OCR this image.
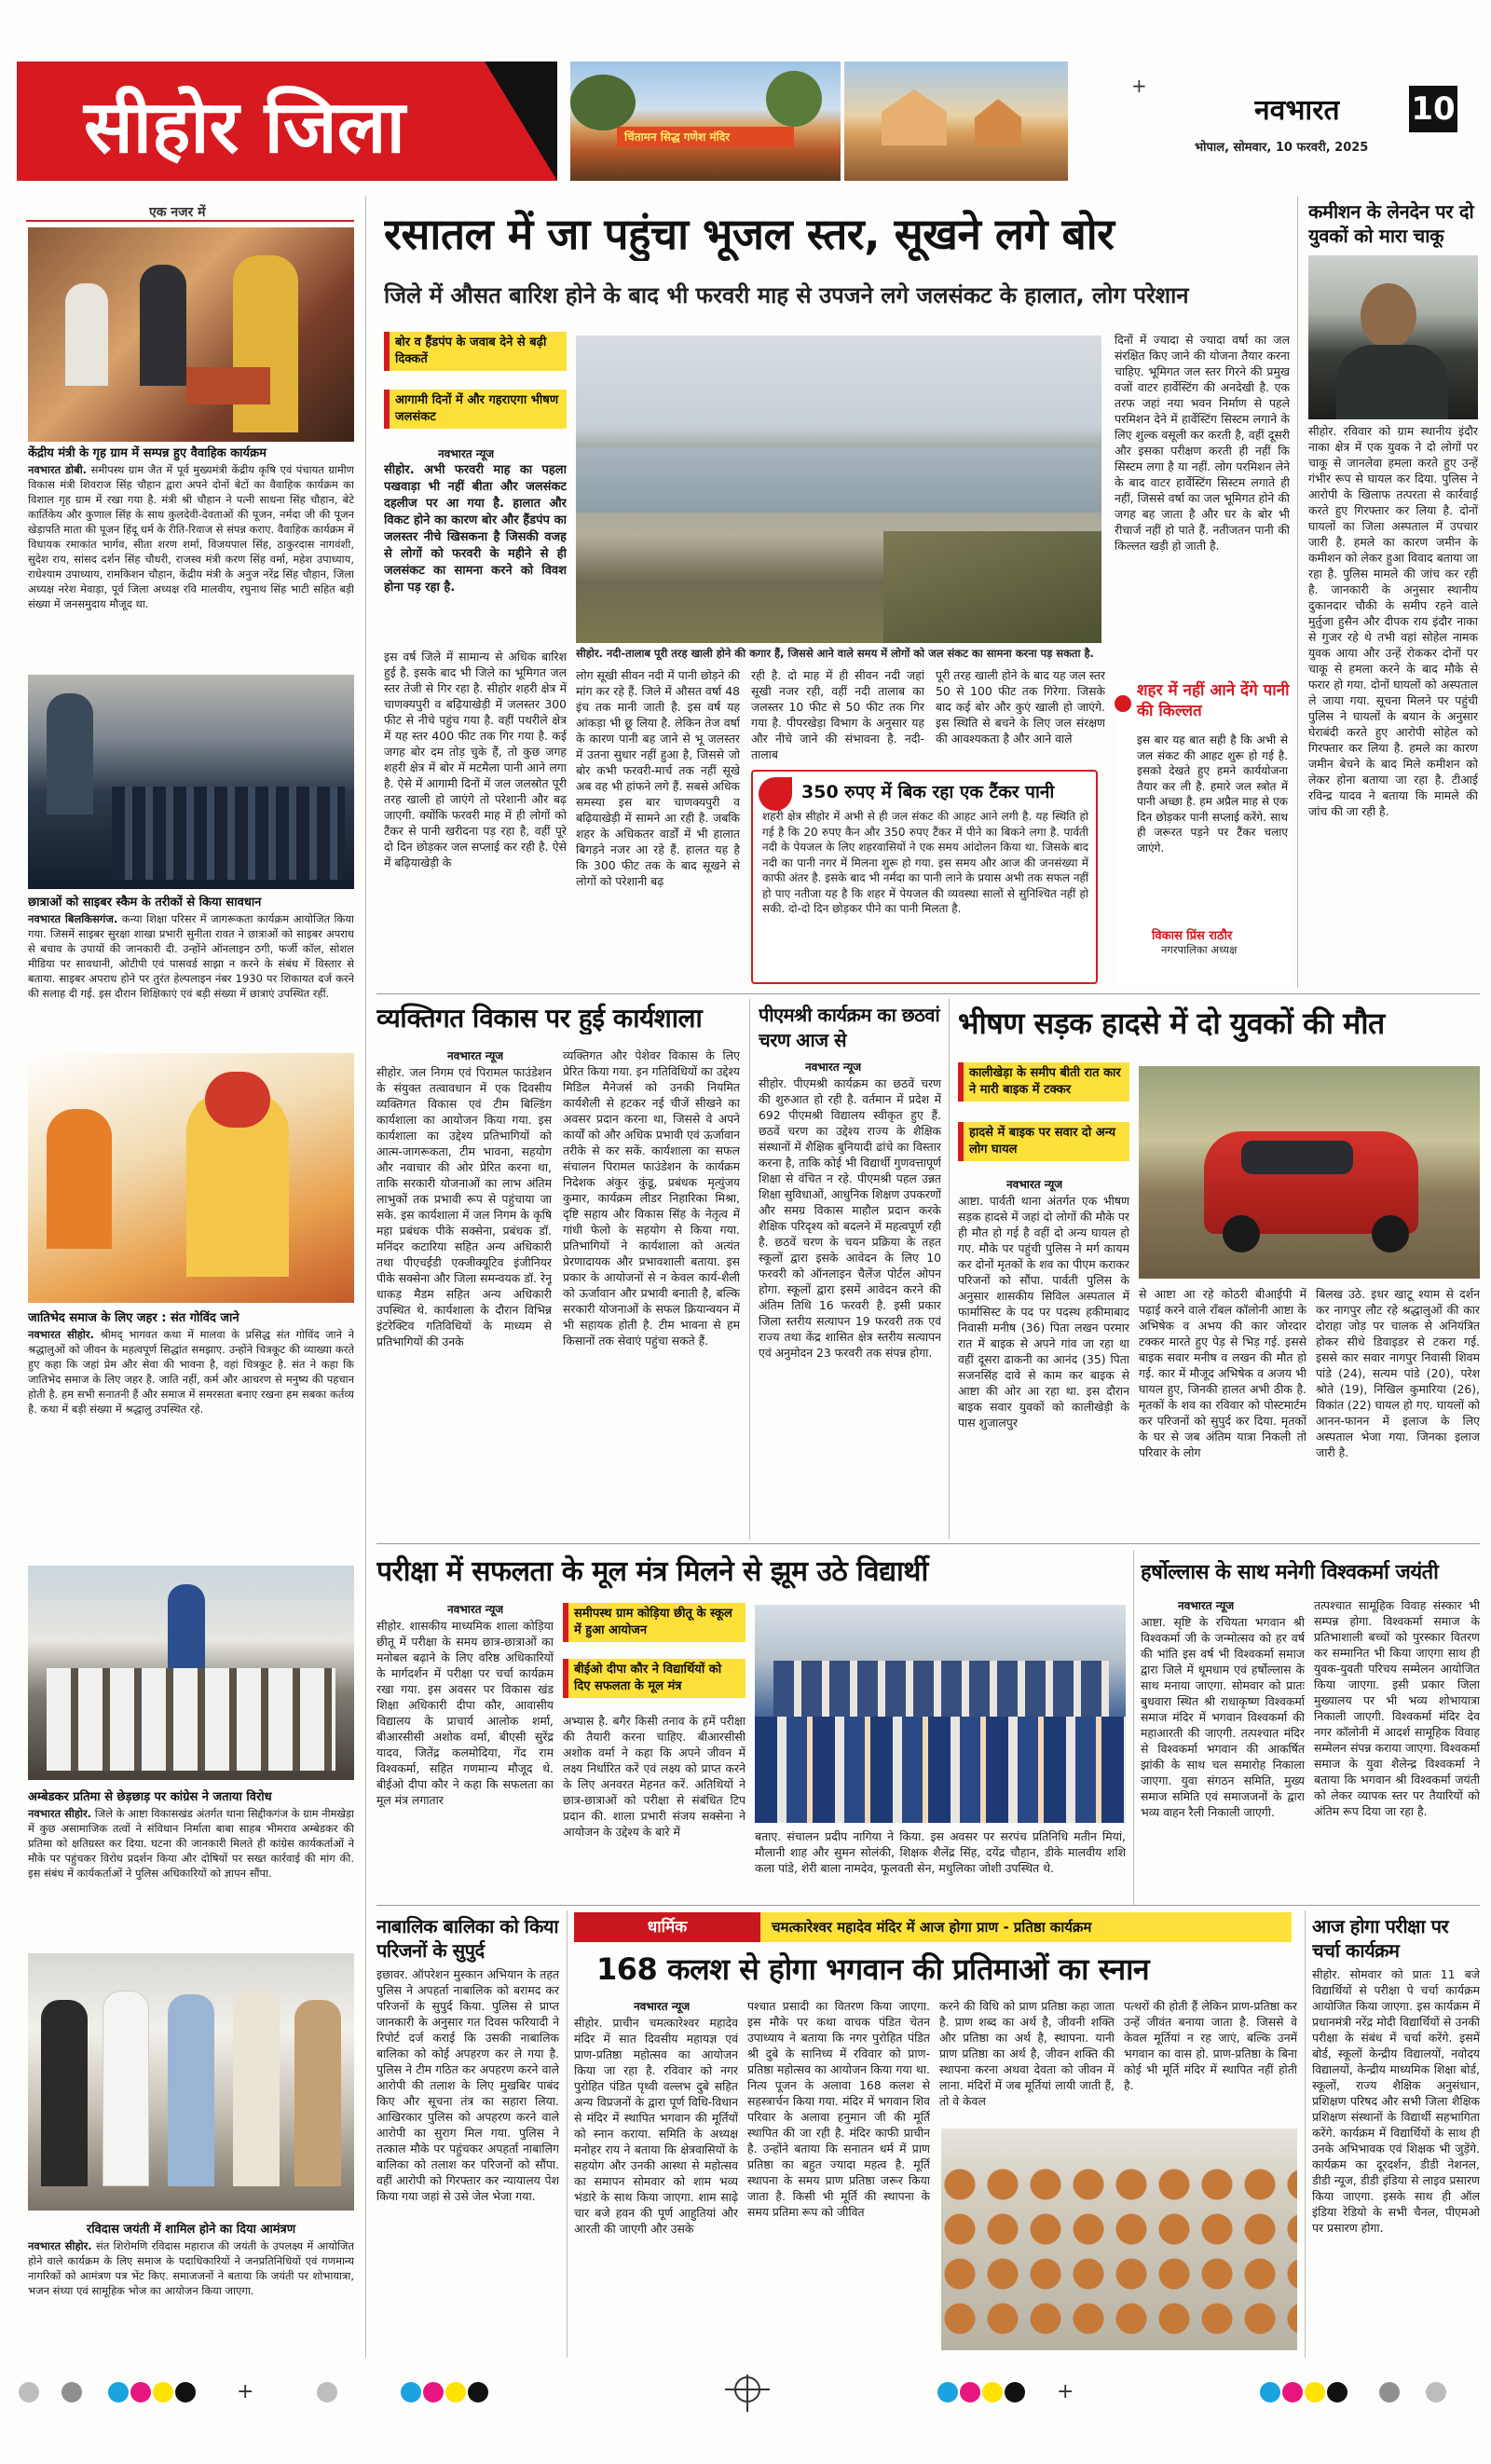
सीहोर जिला	चिंतामन सिद्ध गणेश मंदिर
+
नवभारत 10
भोपाल, सोमवार, 10 फरवरी, 2025
एक नजर में
केंद्रीय मंत्री के गृह ग्राम में सम्पन्न हुए वैवाहिक कार्यक्रम
नवभारत डोबी. समीपस्थ ग्राम जैत में पूर्व मुख्यमंत्री केंद्रीय कृषि एवं पंचायत ग्रामीण विकास मंत्री शिवराज सिंह चौहान द्वारा अपने दोनों बेटों का वैवाहिक कार्यक्रम का विशाल गृह ग्राम में रखा गया है. मंत्री श्री चौहान ने पत्नी साधना सिंह चौहान, बेटे कार्तिकेय और कुणाल सिंह के साथ कुलदेवी-देवताओं की पूजन, नर्मदा जी की पूजन खेड़ापति माता की पूजन हिंदू धर्म के रीति-रिवाज से संपन्न कराए. वैवाहिक कार्यक्रम में विधायक रमाकांत भार्गव, सीता शरण शर्मा, विजयपाल सिंह, ठाकुरदास नागवंशी, सुदेश राय, सांसद दर्शन सिंह चौधरी, राजस्व मंत्री करण सिंह वर्मा, महेश उपाध्याय, राधेश्याम उपाध्याय, रामकिशन चौहान, केंद्रीय मंत्री के अनुज नरेंद्र सिंह चौहान, जिला अध्यक्ष नरेश मेवाड़ा, पूर्व जिला अध्यक्ष रवि मालवीय, रघुनाथ सिंह भाटी सहित बड़ी संख्या में जनसमुदाय मौजूद था.
छात्राओं को साइबर स्कैम के तरीकों से किया सावधान
नवभारत बिलकिसगंज. कन्या शिक्षा परिसर में जागरूकता कार्यक्रम आयोजित किया गया. जिसमें साइबर सुरक्षा शाखा प्रभारी सुनीता रावत ने छात्राओं को साइबर अपराध से बचाव के उपायों की जानकारी दी. उन्होंने ऑनलाइन ठगी, फर्जी कॉल, सोशल मीडिया पर सावधानी, ओटीपी एवं पासवर्ड साझा न करने के संबंध में विस्तार से बताया. साइबर अपराध होने पर तुरंत हेल्पलाइन नंबर 1930 पर शिकायत दर्ज करने की सलाह दी गई. इस दौरान शिक्षिकाएं एवं बड़ी संख्या में छात्राएं उपस्थित रहीं.
जातिभेद समाज के लिए जहर : संत गोविंद जाने
नवभारत सीहोर. श्रीमद् भागवत कथा में मालवा के प्रसिद्ध संत गोविंद जाने ने श्रद्धालुओं को जीवन के महत्वपूर्ण सिद्धांत समझाए. उन्होंने चित्रकूट की व्याख्या करते हुए कहा कि जहां प्रेम और सेवा की भावना है, वहां चित्रकूट है. संत ने कहा कि जातिभेद समाज के लिए जहर है. जाति नहीं, कर्म और आचरण से मनुष्य की पहचान होती है. हम सभी सनातनी हैं और समाज में समरसता बनाए रखना हम सबका कर्तव्य है. कथा में बड़ी संख्या में श्रद्धालु उपस्थित रहे.
अम्बेडकर प्रतिमा से छेड़छाड़ पर कांग्रेस ने जताया विरोध
नवभारत सीहोर. जिले के आष्टा विकासखंड अंतर्गत थाना सिद्दीकगंज के ग्राम नीमखेड़ा में कुछ असामाजिक तत्वों ने संविधान निर्माता बाबा साहब भीमराव अम्बेडकर की प्रतिमा को क्षतिग्रस्त कर दिया. घटना की जानकारी मिलते ही कांग्रेस कार्यकर्ताओं ने मौके पर पहुंचकर विरोध प्रदर्शन किया और दोषियों पर सख्त कार्रवाई की मांग की. इस संबंध में कार्यकर्ताओं ने पुलिस अधिकारियों को ज्ञापन सौंपा.
रविदास जयंती में शामिल होने का दिया आमंत्रण
नवभारत सीहोर. संत शिरोमणि रविदास महाराज की जयंती के उपलक्ष्य में आयोजित होने वाले कार्यक्रम के लिए समाज के पदाधिकारियों ने जनप्रतिनिधियों एवं गणमान्य नागरिकों को आमंत्रण पत्र भेंट किए. समाजजनों ने बताया कि जयंती पर शोभायात्रा, भजन संध्या एवं सामूहिक भोज का आयोजन किया जाएगा.
रसातल में जा पहुंचा भूजल स्तर, सूखने लगे बोर
जिले में औसत बारिश होने के बाद भी फरवरी माह से उपजने लगे जलसंकट के हालात, लोग परेशान
बोर व हैंडपंप के जवाब देने से बढ़ी दिक्कतें
आगामी दिनों में और गहराएगा भीषण जलसंकट
नवभारत न्यूज
सीहोर. अभी फरवरी माह का पहला पखवाड़ा भी नहीं बीता और जलसंकट दहलीज पर आ गया है. हालात और विकट होने का कारण बोर और हैंडपंप का जलस्तर नीचे खिसकना है जिसकी वजह से लोगों को फरवरी के महीने से ही जलसंकट का सामना करने को विवश होना पड़ रहा है.
इस वर्ष जिले में सामान्य से अधिक बारिश हुई है. इसके बाद भी जिले का भूमिगत जल स्तर तेजी से गिर रहा है. सीहोर शहरी क्षेत्र में चाणक्यपुरी व बढ़ियाखेड़ी में जलस्तर 300 फीट से नीचे पहुंच गया है. वहीं पथरीले क्षेत्र में यह स्तर 400 फीट तक गिर गया है. कई जगह बोर दम तोड़ चुके हैं, तो कुछ जगह शहरी क्षेत्र में बोर में मटमैला पानी आने लगा है. ऐसे में आगामी दिनों में जल जलस्रोत पूरी तरह खाली हो जाएंगे तो परेशानी और बढ़ जाएगी. क्योंकि फरवरी माह में ही लोगों को टैंकर से पानी खरीदना पड़ रहा है, वहीं पूरे दो दिन छोड़कर जल सप्लाई कर रही है. ऐसे में बढ़ियाखेड़ी के
सीहोर. नदी-तालाब पूरी तरह खाली होने की कगार हैं, जिससे आने वाले समय में लोगों को जल संकट का सामना करना पड़ सकता है.
लोग सूखी सीवन नदी में पानी छोड़ने की मांग कर रहे हैं. जिले में औसत वर्षा 48 इंच तक मानी जाती है. इस वर्ष यह आंकड़ा भी छू लिया है. लेकिन तेज वर्षा के कारण पानी बह जाने से भू जलस्तर में उतना सुधार नहीं हुआ है, जिससे जो बोर कभी फरवरी-मार्च तक नहीं सूखे अब वह भी हांफने लगे हैं. सबसे अधिक समस्या इस बार चाणक्यपुरी व बढ़ियाखेड़ी में सामने आ रही है. जबकि शहर के अधिकतर वार्डों में भी हालात बिगड़ने नजर आ रहे हैं. हालत यह है कि 300 फीट तक के बाद सूखने से लोगों को परेशानी बढ़
रही है. दो माह में ही सीवन नदी जहां सूखी नजर रही, वहीं नदी तालाब का जलस्तर 10 फीट से 50 फीट तक गिर गया है. पीपरखेड़ा विभाग के अनुसार यह और नीचे जाने की संभावना है. नदी-तालाब
पूरी तरह खाली होने के बाद यह जल स्तर 50 से 100 फीट तक गिरेगा. जिसके बाद कई बोर और कुएं खाली हो जाएंगे. इस स्थिति से बचने के लिए जल संरक्षण की आवश्यकता है और आने वाले
दिनों में ज्यादा से ज्यादा वर्षा का जल संरक्षित किए जाने की योजना तैयार करना चाहिए. भूमिगत जल स्तर गिरने की प्रमुख वजों वाटर हार्वेस्टिंग की अनदेखी है. एक तरफ जहां नया भवन निर्माण से पहले परमिशन देने में हार्वेस्टिंग सिस्टम लगाने के लिए शुल्क वसूली कर करती है, वहीं दूसरी और इसका परीक्षण करती ही नहीं कि सिस्टम लगा है या नहीं. लोग परमिशन लेने के बाद वाटर हार्वेस्टिंग सिस्टम लगाते ही नहीं, जिससे वर्षा का जल भूमिगत होने की जगह बह जाता है और घर के बोर भी रीचार्ज नहीं हो पाते हैं. नतीजतन पानी की किल्लत खड़ी हो जाती है.
350 रुपए में बिक रहा एक टैंकर पानी
शहरी क्षेत्र सीहोर में अभी से ही जल संकट की आहट आने लगी है. यह स्थिति हो गई है कि 20 रुपए कैन और 350 रुपए टैंकर में पीने का बिकने लगा है. पार्वती नदी के पेयजल के लिए शहरवासियों ने एक समय आंदोलन किया था. जिसके बाद नदी का पानी नगर में मिलना शुरू हो गया. इस समय और आज की जनसंख्या में काफी अंतर है. इसके बाद भी नर्मदा का पानी लाने के प्रयास अभी तक सफल नहीं हो पाए नतीजा यह है कि शहर में पेयजल की व्यवस्था सालों से सुनिश्चित नहीं हो सकी. दो-दो दिन छोड़कर पीने का पानी मिलता है.
शहर में नहीं आने देंगे पानी की किल्लत
इस बार यह बात सही है कि अभी से जल संकट की आहट शुरू हो गई है. इसको देखते हुए हमने कार्ययोजना तैयार कर ली है. हमारे जल स्त्रोत में पानी अच्छा है. हम अप्रैल माह से एक दिन छोड़कर पानी सप्लाई करेंगे. साथ ही जरूरत पड़ने पर टैंकर चलाए जाएंगे.
विकास प्रिंस राठौर
नगरपालिका अध्यक्ष
कमीशन के लेनदेन पर दो युवकों को मारा चाकू
सीहोर. रविवार को ग्राम स्थानीय इंदौर नाका क्षेत्र में एक युवक ने दो लोगों पर चाकू से जानलेवा हमला करते हुए उन्हें गंभीर रूप से घायल कर दिया. पुलिस ने आरोपी के खिलाफ तत्परता से कार्रवाई करते हुए गिरफ्तार कर लिया है. दोनों घायलों का जिला अस्पताल में उपचार जारी है. हमले का कारण जमीन के कमीशन को लेकर हुआ विवाद बताया जा रहा है. पुलिस मामले की जांच कर रही है. जानकारी के अनुसार स्थानीय दुकानदार चौकी के समीप रहने वाले मुर्तुजा हुसैन और दीपक राय इंदौर नाका से गुजर रहे थे तभी वहां सोहेल नामक युवक आया और उन्हें रोककर दोनों पर चाकू से हमला करने के बाद मौके से फरार हो गया. दोनों घायलों को अस्पताल ले जाया गया. सूचना मिलने पर पहुंची पुलिस ने घायलों के बयान के अनुसार घेराबंदी करते हुए आरोपी सोहेल को गिरफ्तार कर लिया है. हमले का कारण जमीन बेचने के बाद मिले कमीशन को लेकर होना बताया जा रहा है. टीआई रविन्द्र यादव ने बताया कि मामले की जांच की जा रही है.
व्यक्तिगत विकास पर हुई कार्यशाला
नवभारत न्यूज
सीहोर. जल निगम एवं पिरामल फाउंडेशन के संयुक्त तत्वावधान में एक दिवसीय व्यक्तिगत विकास एवं टीम बिल्डिंग कार्यशाला का आयोजन किया गया. इस कार्यशाला का उद्देश्य प्रतिभागियों को आत्म-जागरूकता, टीम भावना, सहयोग और नवाचार की ओर प्रेरित करना था, ताकि सरकारी योजनाओं का लाभ अंतिम लाभुकों तक प्रभावी रूप से पहुंचाया जा सके. इस कार्यशाला में जल निगम के कृषि महा प्रबंधक पीके सक्सेना, प्रबंधक डॉ. मनिंदर कटारिया सहित अन्य अधिकारी तथा पीएचईडी एक्जीक्यूटिव इंजीनियर पीके सक्सेना और जिला समन्वयक डॉ. रेनू धाकड़ मैडम सहित अन्य अधिकारी उपस्थित थे. कार्यशाला के दौरान विभिन्न इंटरेक्टिव गतिविधियों के माध्यम से प्रतिभागियों की उनके
व्यक्तिगत और पेशेवर विकास के लिए प्रेरित किया गया. इन गतिविधियों का उद्देश्य मिडिल मैनेजर्स को उनकी नियमित कार्यशैली से हटकर नई चीजें सीखने का अवसर प्रदान करना था, जिससे वे अपने कार्यों को और अधिक प्रभावी एवं ऊर्जावान तरीके से कर सकें. कार्यशाला का सफल संचालन पिरामल फाउंडेशन के कार्यक्रम निदेशक अंकुर कुंडू, प्रबंधक मृत्युंजय कुमार, कार्यक्रम लीडर निहारिका मिश्रा, दृष्टि सहाय और विकास सिंह के नेतृत्व में गांधी फेलो के सहयोग से किया गया. प्रतिभागियों ने कार्यशाला को अत्यंत प्रेरणादायक और प्रभावशाली बताया. इस प्रकार के आयोजनों से न केवल कार्य-शैली को ऊर्जावान और प्रभावी बनाती है, बल्कि सरकारी योजनाओं के सफल क्रियान्वयन में भी सहायक होती है. टीम भावना से हम किसानों तक सेवाएं पहुंचा सकते हैं.
पीएमश्री कार्यक्रम का छठवां चरण आज से
नवभारत न्यूज
सीहोर. पीएमश्री कार्यक्रम का छठवें चरण की शुरुआत हो रही है. वर्तमान में प्रदेश में 692 पीएमश्री विद्यालय स्वीकृत हुए हैं. छठवें चरण का उद्देश्य राज्य के शैक्षिक संस्थानों में शैक्षिक बुनियादी ढांचे का विस्तार करना है, ताकि कोई भी विद्यार्थी गुणवत्तापूर्ण शिक्षा से वंचित न रहे. पीएमश्री पहल उन्नत शिक्षा सुविधाओं, आधुनिक शिक्षण उपकरणों और समग्र विकास माहौल प्रदान करके शैक्षिक परिदृश्य को बदलने में महत्वपूर्ण रही है. छठवें चरण के चयन प्रक्रिया के तहत स्कूलों द्वारा इसके आवेदन के लिए 10 फरवरी को ऑनलाइन चैलेंज पोर्टल ओपन होगा. स्कूलों द्वारा इसमें आवेदन करने की अंतिम तिथि 16 फरवरी है. इसी प्रकार जिला स्तरीय सत्यापन 19 फरवरी तक एवं राज्य तथा केंद्र शासित क्षेत्र स्तरीय सत्यापन एवं अनुमोदन 23 फरवरी तक संपन्न होगा.
भीषण सड़क हादसे में दो युवकों की मौत
कालीखेड़ा के समीप बीती रात कार ने मारी बाइक में टक्कर
हादसे में बाइक पर सवार दो अन्य लोग घायल
नवभारत न्यूज
आष्टा. पार्वती थाना अंतर्गत एक भीषण सड़क हादसे में जहां दो लोगों की मौके पर ही मौत हो गई है वहीं दो अन्य घायल हो गए. मौके पर पहुंची पुलिस ने मर्ग कायम कर दोनों मृतकों के शव का पीएम कराकर परिजनों को सौंपा. पार्वती पुलिस के अनुसार शासकीय सिविल अस्पताल में फार्मासिस्ट के पद पर पदस्थ हकीमाबाद निवासी मनीष (36) पिता लखन परमार रात में बाइक से अपने गांव जा रहा था वहीं दूसरा ढाकनी का आनंद (35) पिता सजनसिंह दावे से काम कर बाइक से आष्टा की ओर आ रहा था. इस दौरान बाइक सवार युवकों को कालीखेड़ी के पास शुजालपुर
से आष्टा आ रहे कोठरी बीआईपी में पढ़ाई करने वाले राँबल कॉलोनी आष्टा के अभिषेक व अभय की कार जोरदार टक्कर मारते हुए पेड़ से भिड़ गई. इससे बाइक सवार मनीष व लखन की मौत हो गई. कार में मौजूद अभिषेक व अजय भी घायल हुए, जिनकी हालत अभी ठीक है. मृतकों के शव का रविवार को पोस्टमार्टम कर परिजनों को सुपुर्द कर दिया. मृतकों के घर से जब अंतिम यात्रा निकली तो परिवार के लोग
बिलख उठे. इधर खाटू श्याम से दर्शन कर नागपुर लौट रहे श्रद्धालुओं की कार दोराहा जोड़ पर चालक से अनियंत्रित होकर सीधे डिवाइडर से टकरा गई. इससे कार सवार नागपुर निवासी शिवम पांडे (24), सत्यम पांडे (20), परेश श्रोते (19), निखिल कुमारिया (26), विकांत (22) घायल हो गए. घायलों को आनन-फानन में इलाज के लिए अस्पताल भेजा गया. जिनका इलाज जारी है.
परीक्षा में सफलता के मूल मंत्र मिलने से झूम उठे विद्यार्थी
नवभारत न्यूज
सीहोर. शासकीय माध्यमिक शाला कोड़िया छीतू में परीक्षा के समय छात्र-छात्राओं का मनोबल बढ़ाने के लिए वरिष्ठ अधिकारियों के मार्गदर्शन में परीक्षा पर चर्चा कार्यक्रम रखा गया. इस अवसर पर विकास खंड शिक्षा अधिकारी दीपा कौर, आवासीय विद्यालय के प्राचार्य आलोक शर्मा, बीआरसीसी अशोक वर्मा, बीएसी सुरेंद्र यादव, जितेंद्र कलमोदिया, गेंद राम विश्वकर्मा, सहित गणमान्य मौजूद थे. बीईओ दीपा कौर ने कहा कि सफलता का मूल मंत्र लगातार
समीपस्थ ग्राम कोड़िया छीतू के स्कूल में हुआ आयोजन
बीईओ दीपा कौर ने विद्यार्थियों को दिए सफलता के मूल मंत्र
अभ्यास है. बगैर किसी तनाव के हमें परीक्षा की तैयारी करना चाहिए. बीआरसीसी अशोक वर्मा ने कहा कि अपने जीवन में लक्ष्य निर्धारित करें एवं लक्ष्य को प्राप्त करने के लिए अनवरत मेहनत करें. अतिथियों ने छात्र-छात्राओं को परीक्षा से संबंधित टिप प्रदान की. शाला प्रभारी संजय सक्सेना ने आयोजन के उद्देश्य के बारे में	बताए. संचालन प्रदीप नागिया ने किया. इस अवसर पर सरपंच प्रतिनिधि मतीन मियां, मौलानी शाह और सुमन सोलंकी, शिक्षक शैलेंद्र सिंह, दयेंद्र चौहान, डीके मालवीय शशि कला पांडे, शेरी बाला नामदेव, फूलवती सेन, मधुलिका जोशी उपस्थित थे.
हर्षोल्लास के साथ मनेगी विश्वकर्मा जयंती
नवभारत न्यूज
आष्टा. सृष्टि के रचियता भगवान श्री विश्वकर्मा जी के जन्मोत्सव को हर वर्ष की भांति इस वर्ष भी विश्वकर्मा समाज द्वारा जिले में धूमधाम एवं हर्षोल्लास के साथ मनाया जाएगा. सोमवार को प्रातः बुधवारा स्थित श्री राधाकृष्ण विश्वकर्मा समाज मंदिर में भगवान विश्वकर्मा की महाआरती की जाएगी. तत्पश्चात मंदिर से विश्वकर्मा भगवान की आकर्षित झांकी के साथ चल समारोह निकाला जाएगा. युवा संगठन समिति, मुख्य समाज समिति एवं समाजजनों के द्वारा भव्य वाहन रैली निकाली जाएगी.
तत्पश्चात सामूहिक विवाह संस्कार भी सम्पन्न होगा. विश्वकर्मा समाज के प्रतिभाशाली बच्चों को पुरस्कार वितरण कर सम्मानित भी किया जाएगा साथ ही युवक-युवती परिचय सम्मेलन आयोजित किया जाएगा. इसी प्रकार जिला मुख्यालय पर भी भव्य शोभायात्रा निकाली जाएगी. विश्वकर्मा मंदिर देव नगर कॉलोनी में आदर्श सामूहिक विवाह सम्मेलन संपन्न कराया जाएगा. विश्वकर्मा समाज के युवा शैलेन्द्र विश्वकर्मा ने बताया कि भगवान श्री विश्वकर्मा जयंती को लेकर व्यापक स्तर पर तैयारियों को अंतिम रूप दिया जा रहा है.
नाबालिक बालिका को किया परिजनों के सुपुर्द
इछावर. ऑपरेशन मुस्कान अभियान के तहत पुलिस ने अपहर्ता नाबालिक को बरामद कर परिजनों के सुपुर्द किया. पुलिस से प्राप्त जानकारी के अनुसार गत दिवस फरियादी ने रिपोर्ट दर्ज कराई कि उसकी नाबालिक बालिका को कोई अपहरण कर ले गया है. पुलिस ने टीम गठित कर अपहरण करने वाले आरोपी की तलाश के लिए मुखबिर पाबंद किए और सूचना तंत्र का सहारा लिया. आखिरकार पुलिस को अपहरण करने वाले आरोपी का सुराग मिल गया. पुलिस ने तत्काल मौके पर पहुंचकर अपहर्ता नाबालिग बालिका को तलाश कर परिजनों को सौंपा. वहीं आरोपी को गिरफ्तार कर न्यायालय पेश किया गया जहां से उसे जेल भेजा गया.
धार्मिक	चमत्कारेश्वर महादेव मंदिर में आज होगा प्राण - प्रतिष्ठा कार्यक्रम
168 कलश से होगा भगवान की प्रतिमाओं का स्नान
नवभारत न्यूज
सीहोर. प्राचीन चमत्कारेश्वर महादेव मंदिर में सात दिवसीय महायज्ञ एवं प्राण-प्रतिष्ठा महोत्सव का आयोजन किया जा रहा है. रविवार को नगर पुरोहित पंडित पृथ्वी वल्लभ दुबे सहित अन्य विप्रजनों के द्वारा पूर्ण विधि-विधान से मंदिर में स्थापित भगवान की मूर्तियों को स्नान कराया. समिति के अध्यक्ष मनोहर राय ने बताया कि क्षेत्रवासियों के सहयोग और उनकी आस्था से महोत्सव का समापन सोमवार को शाम भव्य भंडारे के साथ किया जाएगा. शाम साढ़े चार बजे हवन की पूर्ण आहुतियां और आरती की जाएगी और उसके
पश्चात प्रसादी का वितरण किया जाएगा. इस मौके पर कथा वाचक पंडित चेतन उपाध्याय ने बताया कि नगर पुरोहित पंडित श्री दुबे के सानिध्य में रविवार को प्राण-प्रतिष्ठा महोत्सव का आयोजन किया गया था. नित्य पूजन के अलावा 168 कलश से सहस्त्रार्चन किया गया. मंदिर में भगवान शिव परिवार के अलावा हनुमान जी की मूर्ति स्थापित की जा रही है. मंदिर काफी प्राचीन है. उन्होंने बताया कि सनातन धर्म में प्राण प्रतिष्ठा का बहुत ज्यादा महत्व है. मूर्ति स्थापना के समय प्राण प्रतिष्ठा जरूर किया जाता है. किसी भी मूर्ति की स्थापना के समय प्रतिमा रूप को जीवित
करने की विधि को प्राण प्रतिष्ठा कहा जाता है. प्राण शब्द का अर्थ है, जीवनी शक्ति और प्रतिष्ठा का अर्थ है, स्थापना. यानी प्राण प्रतिष्ठा का अर्थ है, जीवन शक्ति की स्थापना करना अथवा देवता को जीवन में लाना. मंदिरों में जब मूर्तियां लायी जाती हैं, तो वे केवल
पत्थरों की होती हैं लेकिन प्राण-प्रतिष्ठा कर उन्हें जीवंत बनाया जाता है. जिससे वे केवल मूर्तियां न रह जाएं, बल्कि उनमें भगवान का वास हो. प्राण-प्रतिष्ठा के बिना कोई भी मूर्ति मंदिर में स्थापित नहीं होती है.
आज होगा परीक्षा पर चर्चा कार्यक्रम
सीहोर. सोमवार को प्रातः 11 बजे विद्यार्थियों से परीक्षा पे चर्चा कार्यक्रम आयोजित किया जाएगा. इस कार्यक्रम में प्रधानमंत्री नरेंद्र मोदी विद्यार्थियों से उनकी परीक्षा के संबंध में चर्चा करेंगे. इसमें बोर्ड, स्कूलों केन्द्रीय विद्यालयों, नवोदय विद्यालयों, केन्द्रीय माध्यमिक शिक्षा बोर्ड, स्कूलों, राज्य शैक्षिक अनुसंधान, प्रशिक्षण परिषद और सभी जिला शैक्षिक प्रशिक्षण संस्थानों के विद्यार्थी सहभागिता करेंगे. कार्यक्रम में विद्यार्थियों के साथ ही उनके अभिभावक एवं शिक्षक भी जुड़ेंगे. कार्यक्रम का दूरदर्शन, डीडी नेशनल, डीडी न्यूज, डीडी इंडिया से लाइव प्रसारण किया जाएगा. इसके साथ ही ऑल इंडिया रेडियो के सभी चैनल, पीएमओ पर प्रसारण होगा.
+	+
